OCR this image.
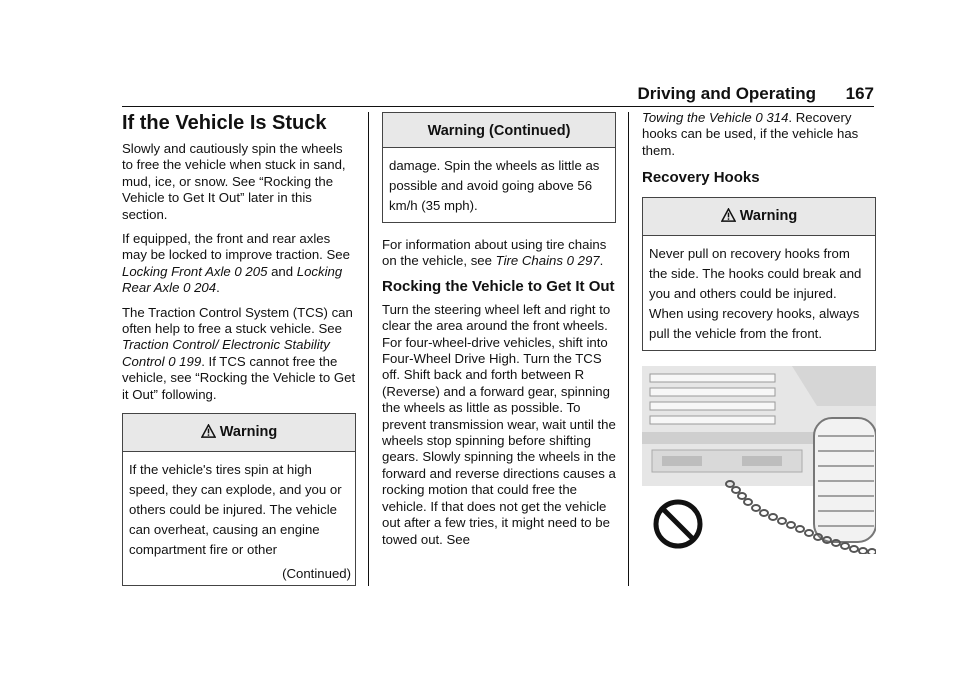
Driving and Operating 167
If the Vehicle Is Stuck

Slowly and cautiously spin the wheels to free the vehicle when stuck in sand, mud, ice, or snow. See “Rocking the Vehicle to Get It Out” later in this section.

If equipped, the front and rear axles may be locked to improve traction. See Locking Front Axle 0 205 and Locking Rear Axle 0 204.

The Traction Control System (TCS) can often help to free a stuck vehicle. See Traction Control/ Electronic Stability Control 0 199. If TCS cannot free the vehicle, see “Rocking the Vehicle to Get it Out” following.

Warning
If the vehicle's tires spin at high speed, they can explode, and you or others could be injured. The vehicle can overheat, causing an engine compartment fire or other
(Continued)
Warning (Continued)
damage. Spin the wheels as little as possible and avoid going above 56 km/h (35 mph).

For information about using tire chains on the vehicle, see Tire Chains 0 297.

Rocking the Vehicle to Get It Out

Turn the steering wheel left and right to clear the area around the front wheels. For four-wheel-drive vehicles, shift into Four-Wheel Drive High. Turn the TCS off. Shift back and forth between R (Reverse) and a forward gear, spinning the wheels as little as possible. To prevent transmission wear, wait until the wheels stop spinning before shifting gears. Slowly spinning the wheels in the forward and reverse directions causes a rocking motion that could free the vehicle. If that does not get the vehicle out after a few tries, it might need to be towed out. See

Towing the Vehicle 0 314. Recovery hooks can be used, if the vehicle has them.

Recovery Hooks
Warning
Never pull on recovery hooks from the side. The hooks could break and you and others could be injured. When using recovery hooks, always pull the vehicle from the front.
